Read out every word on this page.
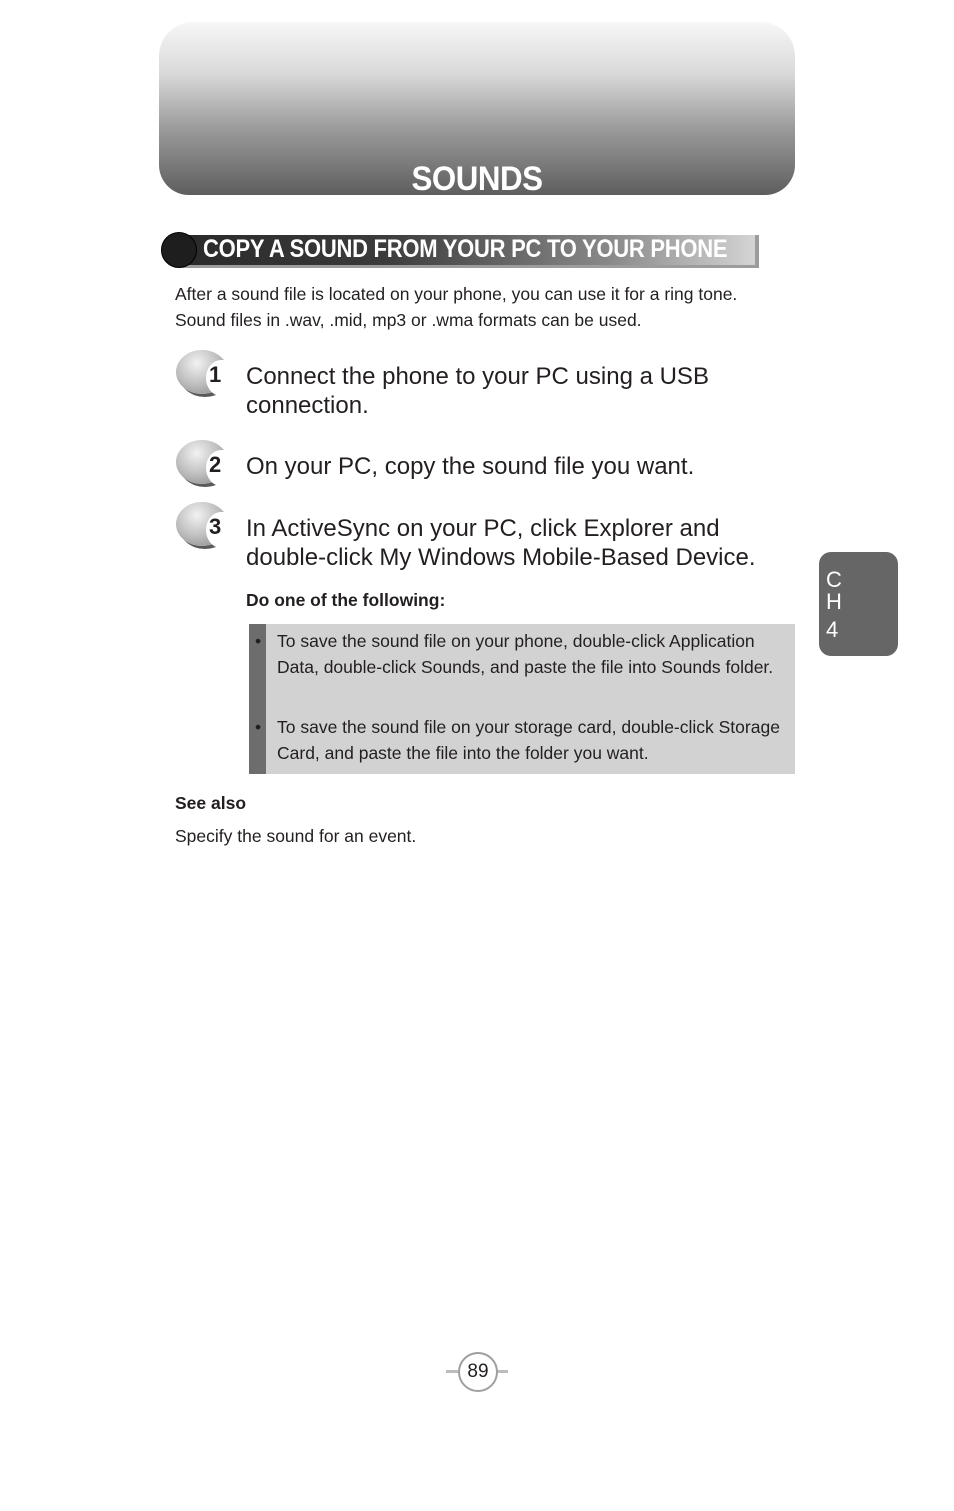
SOUNDS
COPY A SOUND FROM YOUR PC TO YOUR PHONE
After a sound file is located on your phone, you can use it for a ring tone. Sound files in .wav, .mid, mp3 or .wma formats can be used.
1 Connect the phone to your PC using a USB connection.
2 On your PC, copy the sound file you want.
3 In ActiveSync on your PC, click Explorer and double-click My Windows Mobile-Based Device.
Do one of the following:
• To save the sound file on your phone, double-click Application Data, double-click Sounds, and paste the file into Sounds folder.
• To save the sound file on your storage card, double-click Storage Card, and paste the file into the folder you want.
See also
Specify the sound for an event.
C
H
4
89
